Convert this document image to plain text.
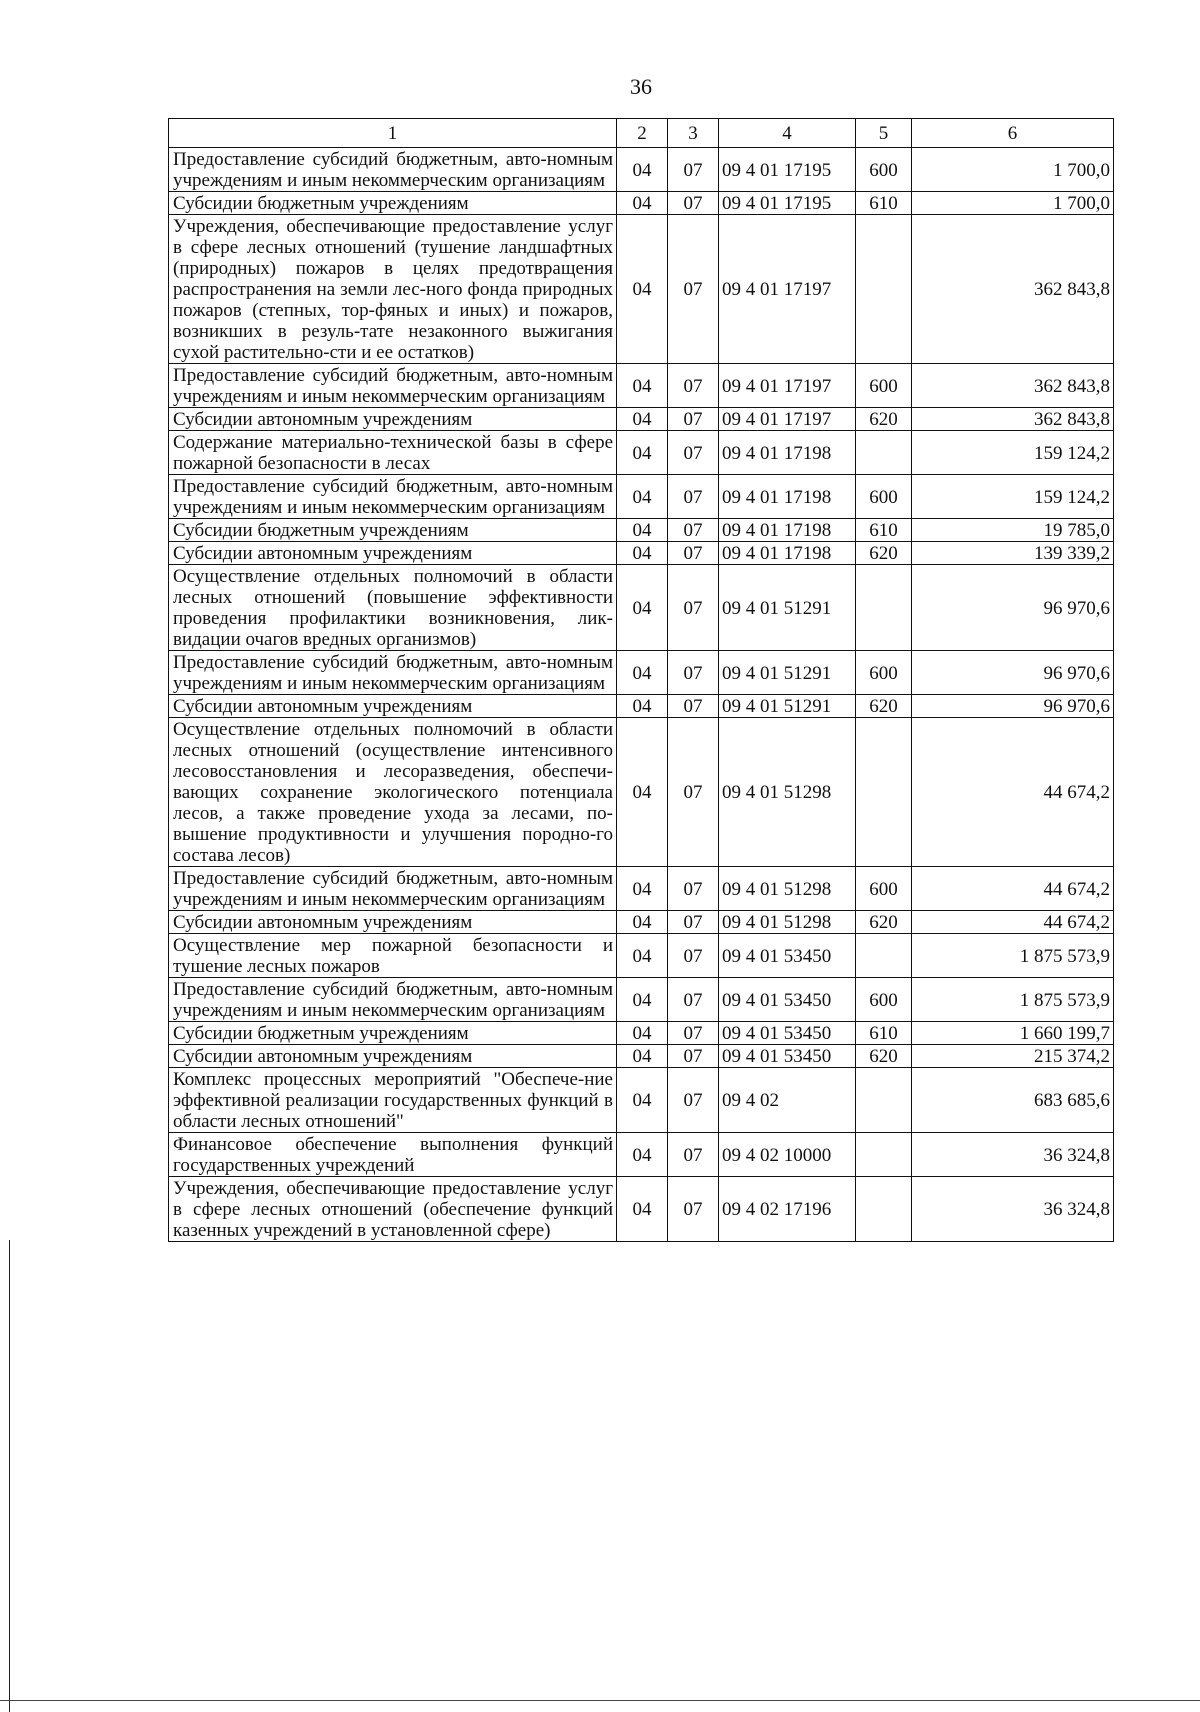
36
1	2	3	4	5	6
Предоставление субсидий бюджетным, авто-номным учреждениям и иным некоммерческим организациям	04	07	09 4 01 17195	600	1 700,0
Субсидии бюджетным учреждениям	04	07	09 4 01 17195	610	1 700,0
Учреждения, обеспечивающие предоставление услуг в сфере лесных отношений (тушение ландшафтных (природных) пожаров в целях предотвращения распространения на земли лес-ного фонда природных пожаров (степных, тор-фяных и иных) и пожаров, возникших в резуль-тате незаконного выжигания сухой растительно-сти и ее остатков)	04	07	09 4 01 17197		362 843,8
Предоставление субсидий бюджетным, авто-номным учреждениям и иным некоммерческим организациям	04	07	09 4 01 17197	600	362 843,8
Субсидии автономным учреждениям	04	07	09 4 01 17197	620	362 843,8
Содержание материально-технической базы в сфере пожарной безопасности в лесах	04	07	09 4 01 17198		159 124,2
Предоставление субсидий бюджетным, авто-номным учреждениям и иным некоммерческим организациям	04	07	09 4 01 17198	600	159 124,2
Субсидии бюджетным учреждениям	04	07	09 4 01 17198	610	19 785,0
Субсидии автономным учреждениям	04	07	09 4 01 17198	620	139 339,2
Осуществление отдельных полномочий в области лесных отношений (повышение эффективности проведения профилактики возникновения, лик-видации очагов вредных организмов)	04	07	09 4 01 51291		96 970,6
Предоставление субсидий бюджетным, авто-номным учреждениям и иным некоммерческим организациям	04	07	09 4 01 51291	600	96 970,6
Субсидии автономным учреждениям	04	07	09 4 01 51291	620	96 970,6
Осуществление отдельных полномочий в области лесных отношений (осуществление интенсивного лесовосстановления и лесоразведения, обеспечи-вающих сохранение экологического потенциала лесов, а также проведение ухода за лесами, по-вышение продуктивности и улучшения породно-го состава лесов)	04	07	09 4 01 51298		44 674,2
Предоставление субсидий бюджетным, авто-номным учреждениям и иным некоммерческим организациям	04	07	09 4 01 51298	600	44 674,2
Субсидии автономным учреждениям	04	07	09 4 01 51298	620	44 674,2
Осуществление мер пожарной безопасности и тушение лесных пожаров	04	07	09 4 01 53450		1 875 573,9
Предоставление субсидий бюджетным, авто-номным учреждениям и иным некоммерческим организациям	04	07	09 4 01 53450	600	1 875 573,9
Субсидии бюджетным учреждениям	04	07	09 4 01 53450	610	1 660 199,7
Субсидии автономным учреждениям	04	07	09 4 01 53450	620	215 374,2
Комплекс процессных мероприятий "Обеспече-ние эффективной реализации государственных функций в области лесных отношений"	04	07	09 4 02		683 685,6
Финансовое обеспечение выполнения функций государственных учреждений	04	07	09 4 02 10000		36 324,8
Учреждения, обеспечивающие предоставление услуг в сфере лесных отношений (обеспечение функций казенных учреждений в установленной сфере)	04	07	09 4 02 17196		36 324,8
